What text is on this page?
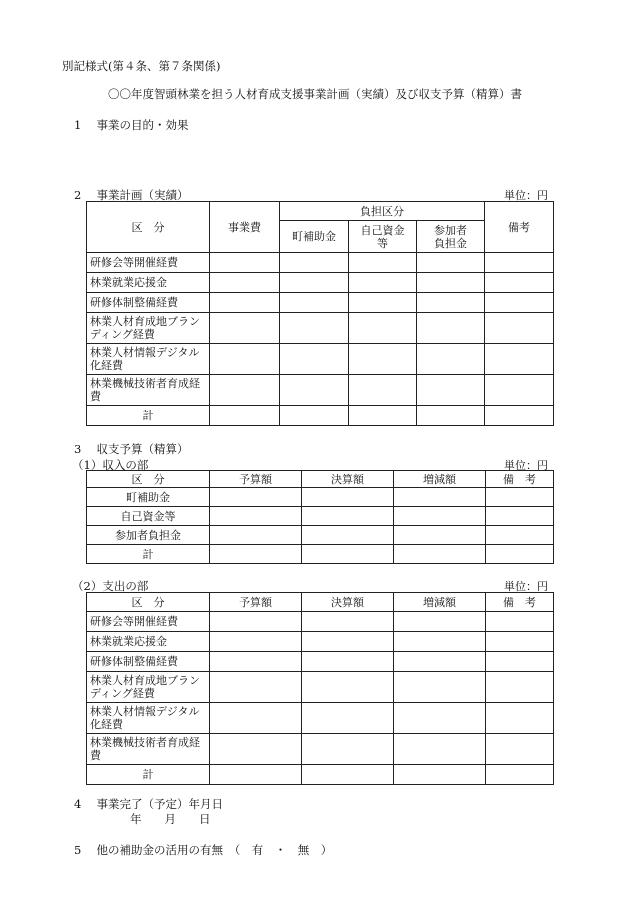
別記様式(第４条、第７条関係)
〇〇年度智頭林業を担う人材育成支援事業計画（実績）及び収支予算（精算）書
1　 事業の目的・効果
2　 事業計画（実績）	単位：円
区　分	事業費	負担区分			備考
		町補助金	自己資金等	参加者負担金	
研修会等開催経費					
林業就業応援金					
研修体制整備経費					
林業人材育成地ブランディング経費					
林業人材情報デジタル化経費					
林業機械技術者育成経費					
計					
3　 収支予算（精算）
（1）収入の部	単位：円
区　分	予算額	決算額	増減額	備　考
町補助金				
自己資金等				
参加者負担金				
計				
（2）支出の部	単位：円
区　分	予算額	決算額	増減額	備　考
研修会等開催経費				
林業就業応援金				
研修体制整備経費				
林業人材育成地ブランディング経費				
林業人材情報デジタル化経費				
林業機械技術者育成経費				
計				
4　 事業完了（予定）年月日
年　　月　　日
5　 他の補助金の活用の有無　（　有　・　無　）
